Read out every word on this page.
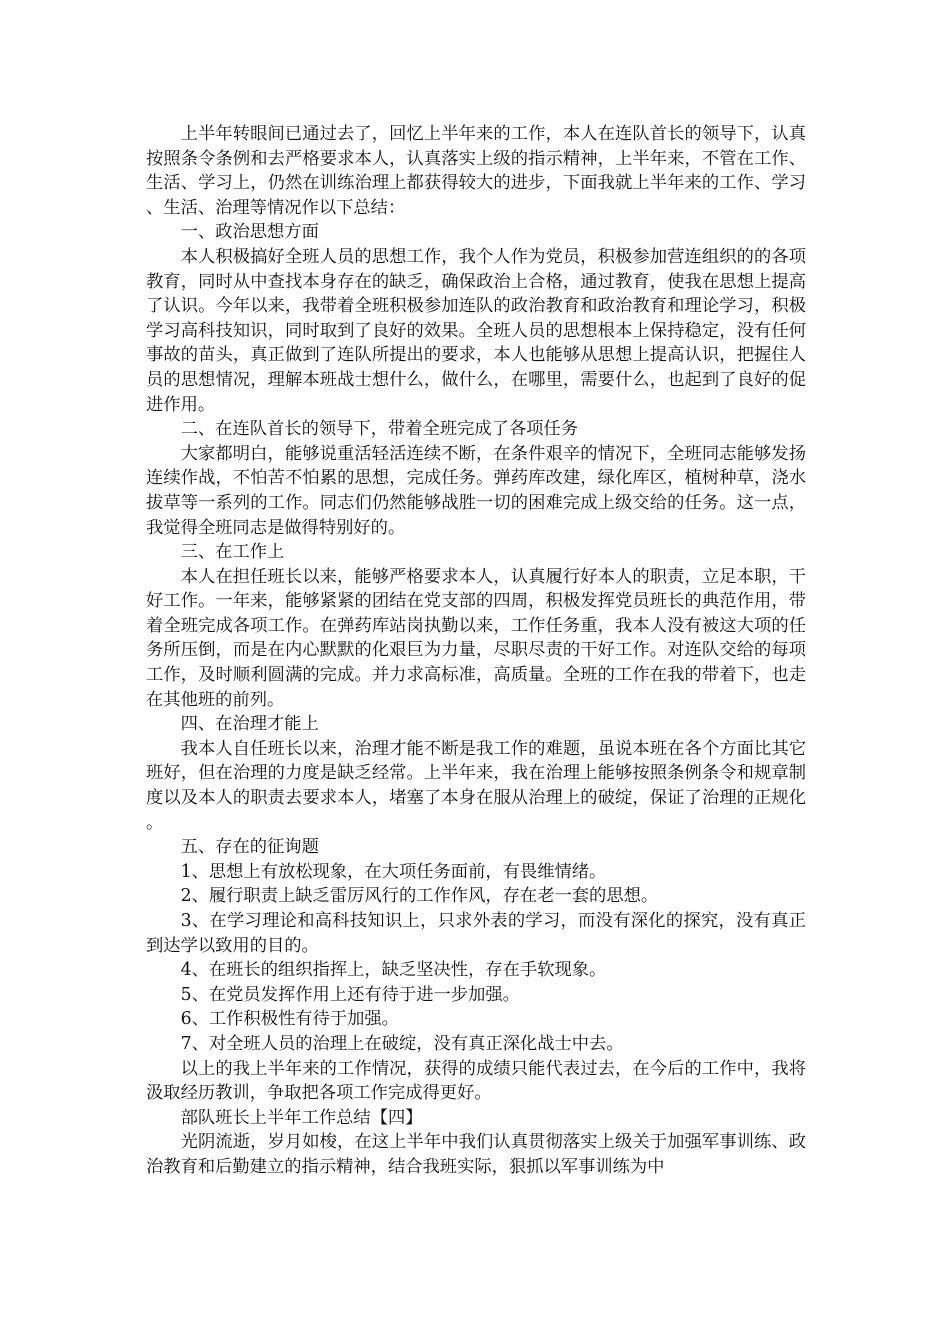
上半年转眼间已通过去了，回忆上半年来的工作，本人在连队首长的领导下，认真按照条令条例和去严格要求本人，认真落实上级的指示精神，上半年来，不管在工作、生活、学习上，仍然在训练治理上都获得较大的进步，下面我就上半年来的工作、学习、生活、治理等情况作以下总结：

一、政治思想方面

本人积极搞好全班人员的思想工作，我个人作为党员，积极参加营连组织的的各项教育，同时从中查找本身存在的缺乏，确保政治上合格，通过教育，使我在思想上提高了认识。今年以来，我带着全班积极参加连队的政治教育和政治教育和理论学习，积极学习高科技知识，同时取到了良好的效果。全班人员的思想根本上保持稳定，没有任何事故的苗头，真正做到了连队所提出的要求，本人也能够从思想上提高认识，把握住人员的思想情况，理解本班战士想什么，做什么，在哪里，需要什么，也起到了良好的促进作用。

二、在连队首长的领导下，带着全班完成了各项任务

大家都明白，能够说重活轻活连续不断，在条件艰辛的情况下，全班同志能够发扬连续作战，不怕苦不怕累的思想，完成任务。弹药库改建，绿化库区，植树种草，浇水拔草等一系列的工作。同志们仍然能够战胜一切的困难完成上级交给的任务。这一点，我觉得全班同志是做得特别好的。

三、在工作上

本人在担任班长以来，能够严格要求本人，认真履行好本人的职责，立足本职，干好工作。一年来，能够紧紧的团结在党支部的四周，积极发挥党员班长的典范作用，带着全班完成各项工作。在弹药库站岗执勤以来，工作任务重，我本人没有被这大项的任务所压倒，而是在内心默默的化艰巨为力量，尽职尽责的干好工作。对连队交给的每项工作，及时顺利圆满的完成。并力求高标准，高质量。全班的工作在我的带着下，也走在其他班的前列。

四、在治理才能上

我本人自任班长以来，治理才能不断是我工作的难题，虽说本班在各个方面比其它班好，但在治理的力度是缺乏经常。上半年来，我在治理上能够按照条例条令和规章制度以及本人的职责去要求本人，堵塞了本身在服从治理上的破绽，保证了治理的正规化。

五、存在的征询题

1、思想上有放松现象，在大项任务面前，有畏维情绪。

2、履行职责上缺乏雷厉风行的工作作风，存在老一套的思想。

3、在学习理论和高科技知识上，只求外表的学习，而没有深化的探究，没有真正到达学以致用的目的。

4、在班长的组织指挥上，缺乏坚决性，存在手软现象。

5、在党员发挥作用上还有待于进一步加强。

6、工作积极性有待于加强。

7、对全班人员的治理上在破绽，没有真正深化战士中去。

以上的我上半年来的工作情况，获得的成绩只能代表过去，在今后的工作中，我将汲取经历教训，争取把各项工作完成得更好。

部队班长上半年工作总结【四】

光阴流逝，岁月如梭，在这上半年中我们认真贯彻落实上级关于加强军事训练、政治教育和后勤建立的指示精神，结合我班实际，狠抓以军事训练为中
